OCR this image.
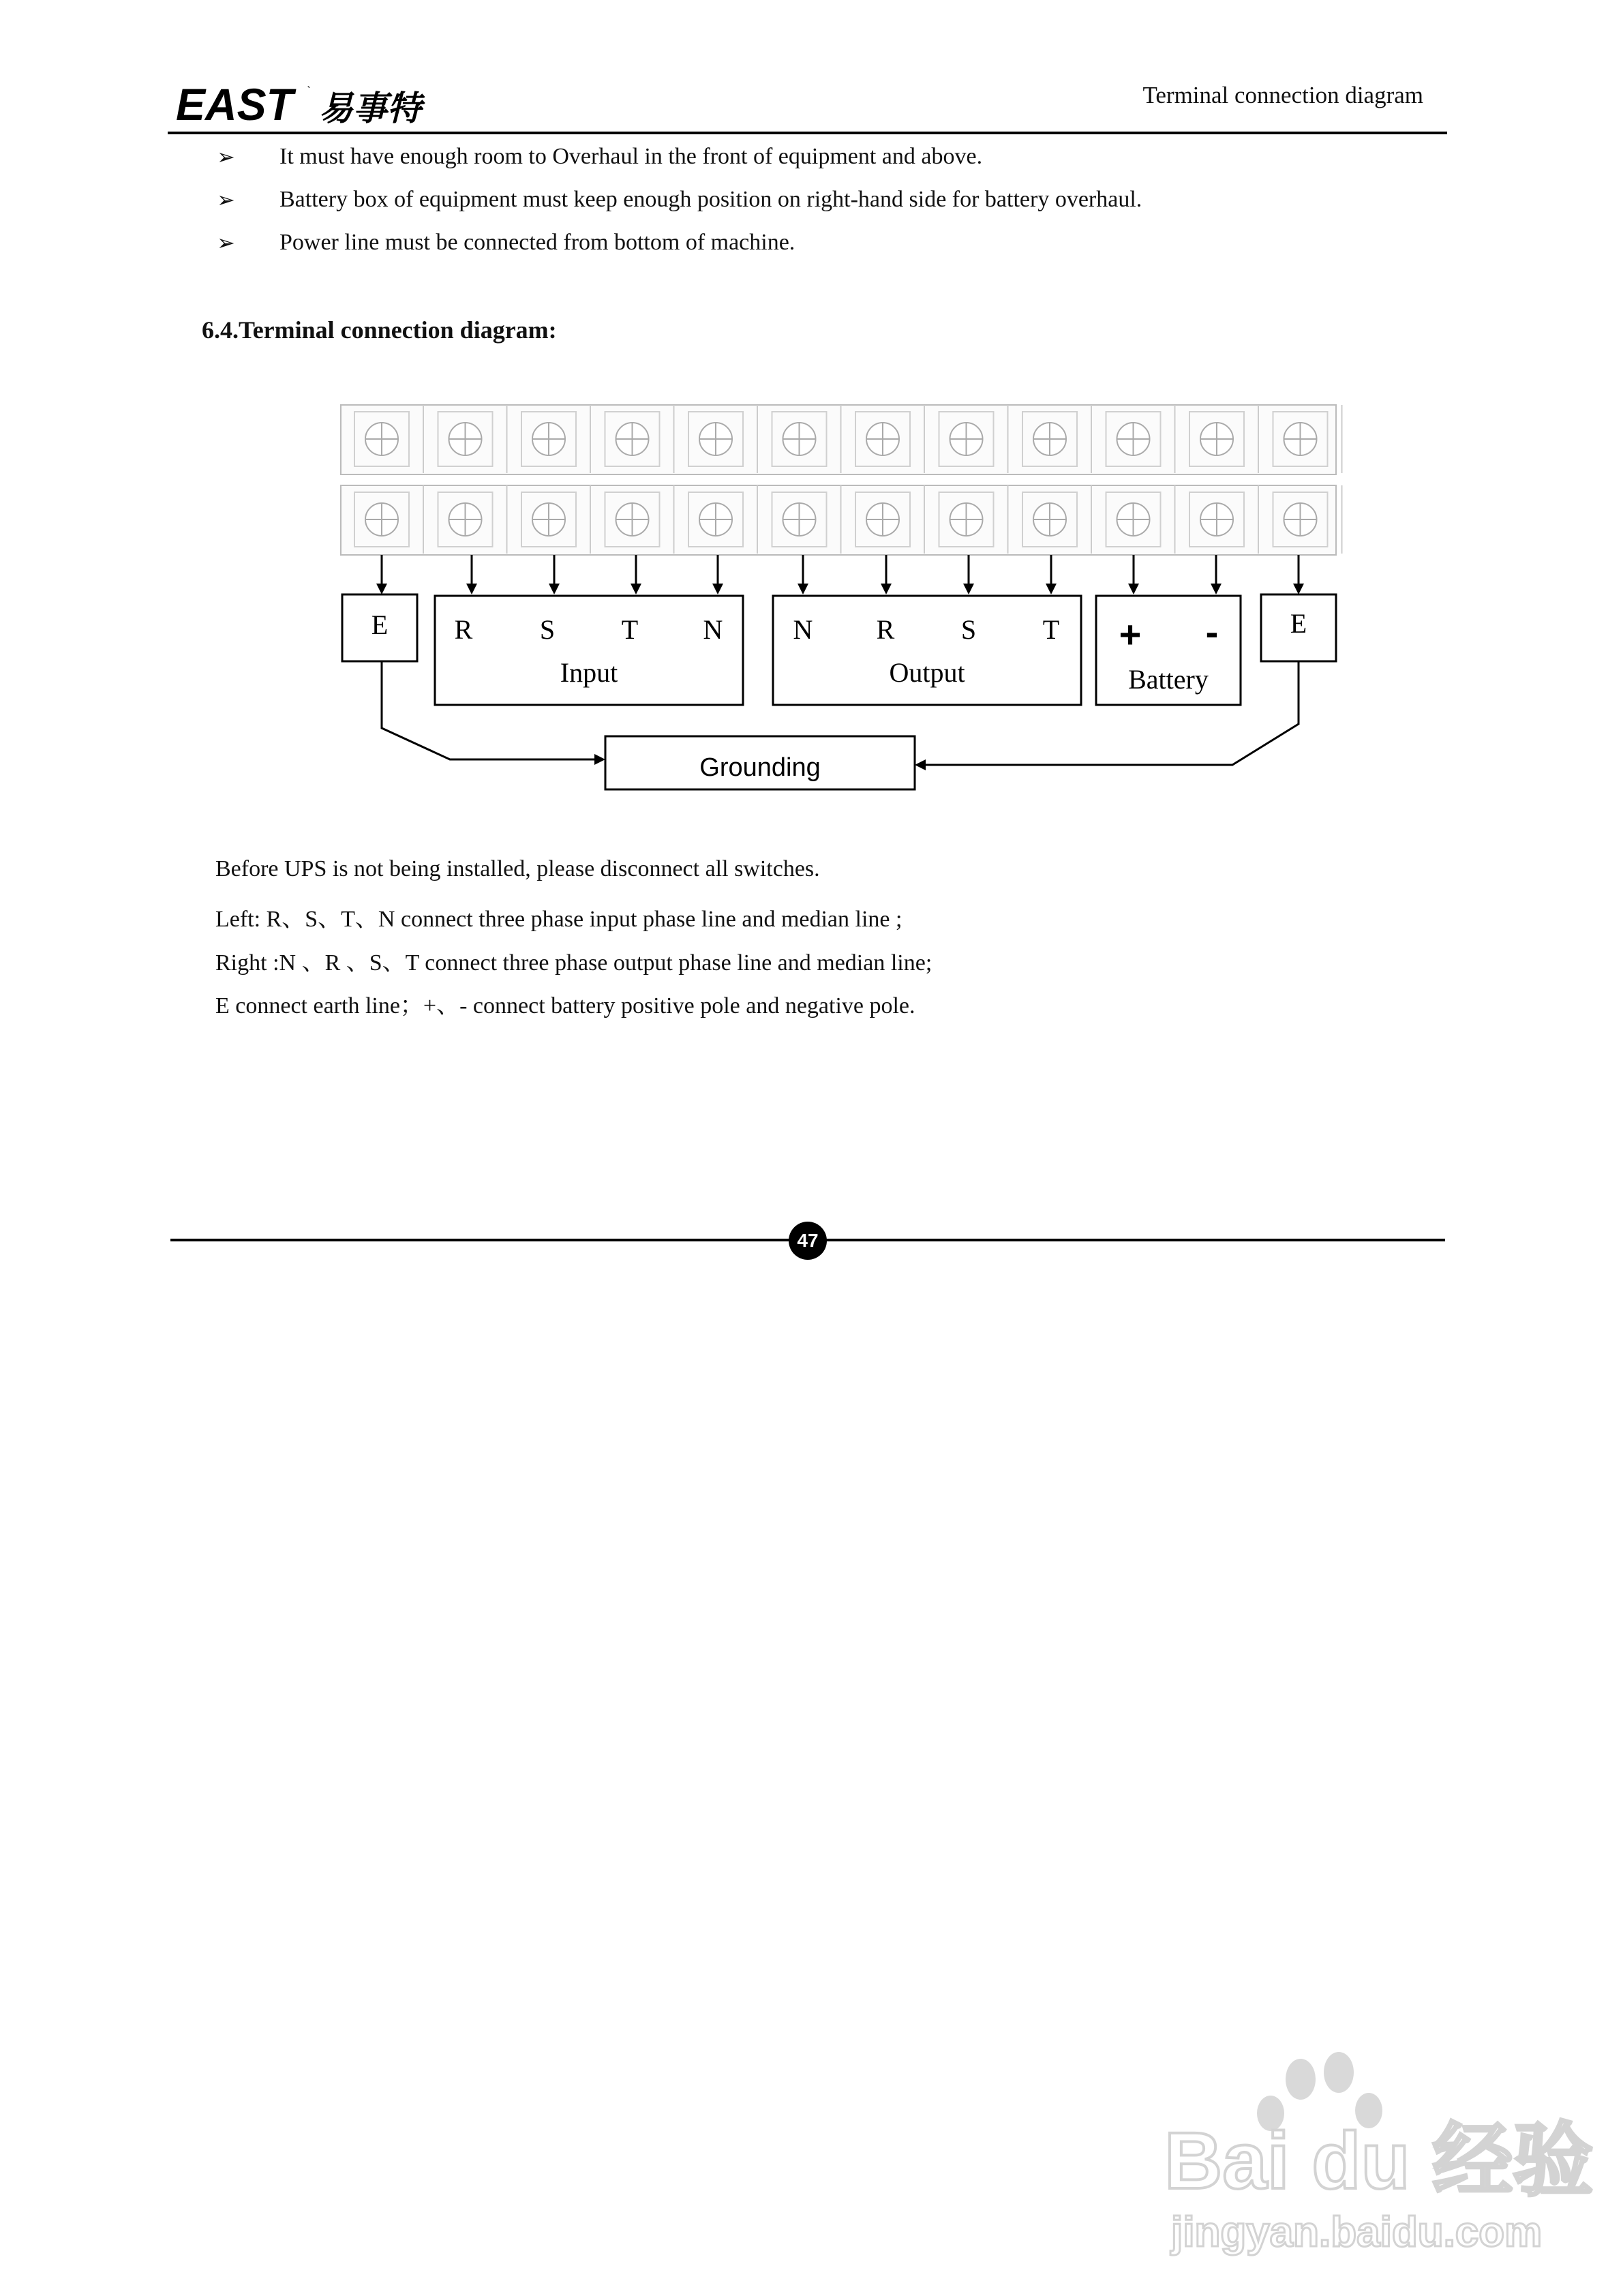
EAST ˋ 易事特	Terminal connection diagram
➢	It must have enough room to Overhaul in the front of equipment and above.
➢	Battery box of equipment must keep enough position on right-hand side for battery overhaul.
➢	Power line must be connected from bottom of machine.
6.4.Terminal connection diagram:
E R S T N
Input
N R S T
Output
+ -
Battery
E
Grounding
Before UPS is not being installed, please disconnect all switches.
Left: R、S、T、N connect three phase input phase line and median line ;
Right :N 、R 、S、T connect three phase output phase line and median line;
E connect earth line；+、- connect battery positive pole and negative pole.
47
Bai du 经验
jingyan.baidu.com
